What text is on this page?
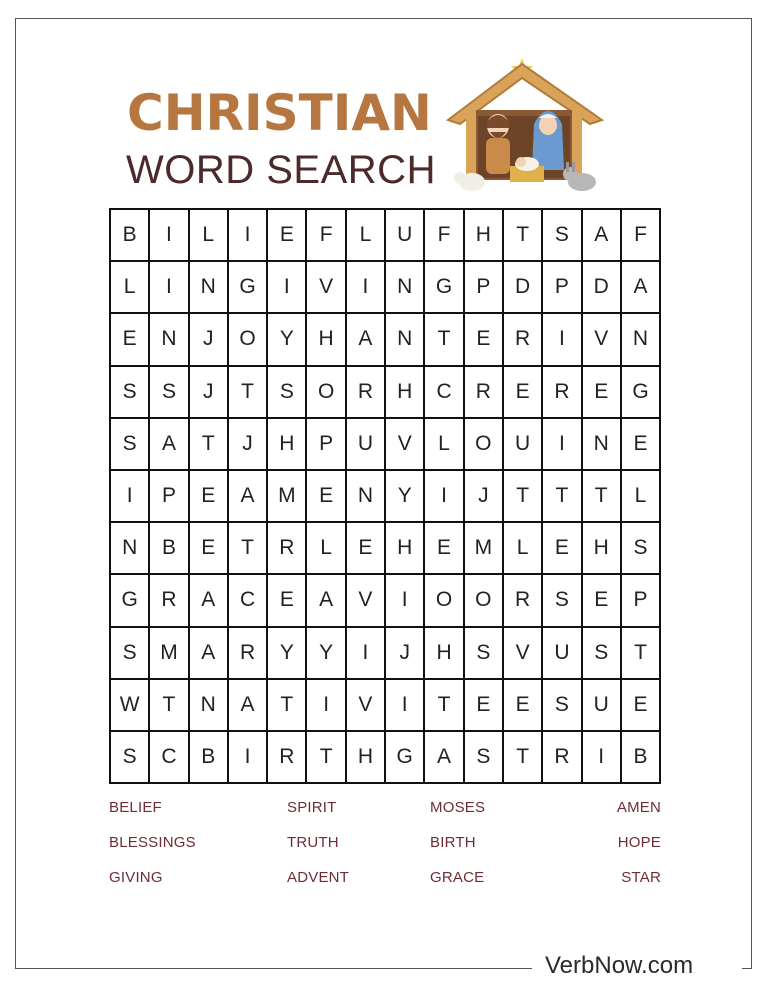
CHRISTIAN
WORD SEARCH
B	I	L	I	E	F	L	U	F	H	T	S	A	F
L	I	N	G	I	V	I	N	G	P	D	P	D	A
E	N	J	O	Y	H	A	N	T	E	R	I	V	N
S	S	J	T	S	O	R	H	C	R	E	R	E	G
S	A	T	J	H	P	U	V	L	O	U	I	N	E
I	P	E	A	M	E	N	Y	I	J	T	T	T	L
N	B	E	T	R	L	E	H	E	M	L	E	H	S
G	R	A	C	E	A	V	I	O	O	R	S	E	P
S	M	A	R	Y	Y	I	J	H	S	V	U	S	T
W	T	N	A	T	I	V	I	T	E	E	S	U	E
S	C	B	I	R	T	H	G	A	S	T	R	I	B
BELIEF	SPIRIT	MOSES	AMEN
BLESSINGS	TRUTH	BIRTH	HOPE
GIVING	ADVENT	GRACE	STAR
VerbNow.com
